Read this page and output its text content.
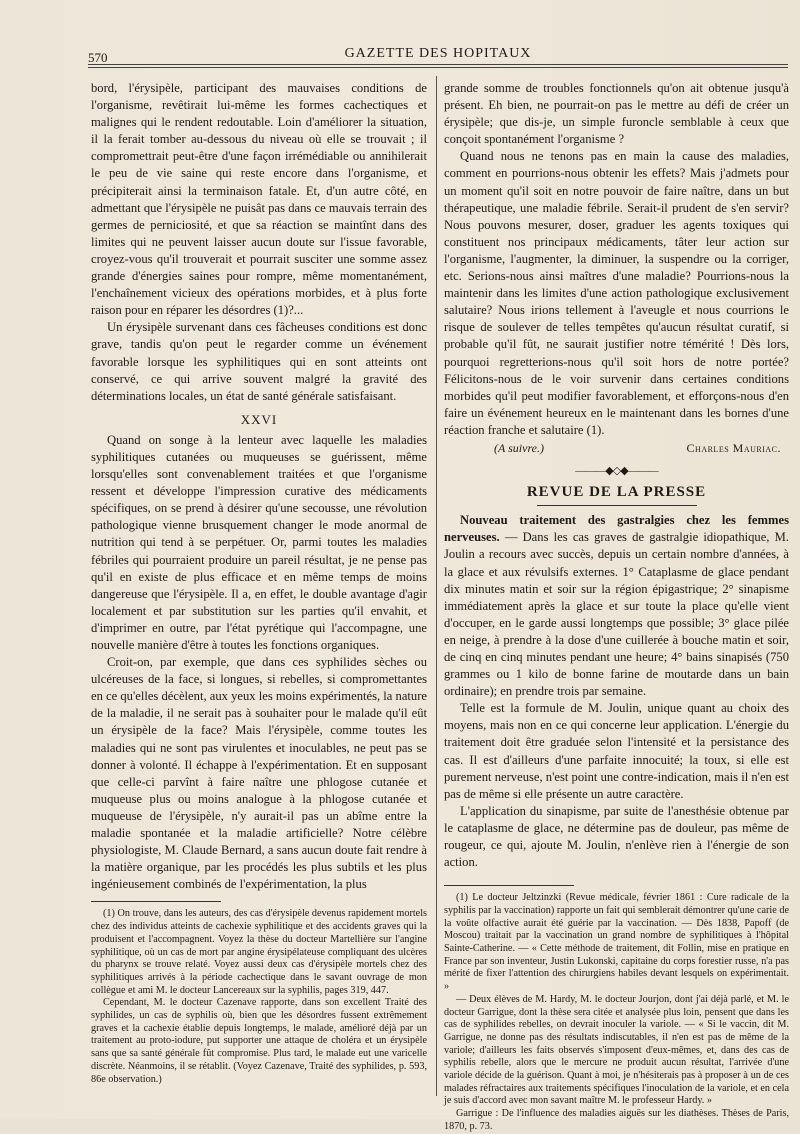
570	GAZETTE DES HOPITAUX

bord, l'érysipèle, participant des mauvaises conditions de l'organisme, revêtirait lui-même les formes cachectiques et malignes qui le rendent redoutable. Loin d'améliorer la situation, il la ferait tomber au-dessous du niveau où elle se trouvait ; il compromettrait peut-être d'une façon irrémédiable ou annihilerait le peu de vie saine qui reste encore dans l'organisme, et précipiterait ainsi la terminaison fatale. Et, d'un autre côté, en admettant que l'érysipèle ne puisât pas dans ce mauvais terrain des germes de perniciosité, et que sa réaction se maintînt dans des limites qui ne peuvent laisser aucun doute sur l'issue favorable, croyez-vous qu'il trouverait et pourrait susciter une somme assez grande d'énergies saines pour rompre, même momentanément, l'enchaînement vicieux des opérations morbides, et à plus forte raison pour en réparer les désordres (1)?...

Un érysipèle survenant dans ces fâcheuses conditions est donc grave, tandis qu'on peut le regarder comme un événement favorable lorsque les syphilitiques qui en sont atteints ont conservé, ce qui arrive souvent malgré la gravité des déterminations locales, un état de santé générale satisfaisant.

XXVI

Quand on songe à la lenteur avec laquelle les maladies syphilitiques cutanées ou muqueuses se guérissent, même lorsqu'elles sont convenablement traitées et que l'organisme ressent et développe l'impression curative des médicaments spécifiques, on se prend à désirer qu'une secousse, une révolution pathologique vienne brusquement changer le mode anormal de nutrition qui tend à se perpétuer. Or, parmi toutes les maladies fébriles qui pourraient produire un pareil résultat, je ne pense pas qu'il en existe de plus efficace et en même temps de moins dangereuse que l'érysipèle. Il a, en effet, le double avantage d'agir localement et par substitution sur les parties qu'il envahit, et d'imprimer en outre, par l'état pyrétique qui l'accompagne, une nouvelle manière d'être à toutes les fonctions organiques.

Croit-on, par exemple, que dans ces syphilides sèches ou ulcéreuses de la face, si longues, si rebelles, si compromettantes en ce qu'elles décèlent, aux yeux les moins expérimentés, la nature de la maladie, il ne serait pas à souhaiter pour le malade qu'il eût un érysipèle de la face? Mais l'érysipèle, comme toutes les maladies qui ne sont pas virulentes et inoculables, ne peut pas se donner à volonté. Il échappe à l'expérimentation. Et en supposant que celle-ci parvînt à faire naître une phlogose cutanée et muqueuse plus ou moins analogue à la phlogose cutanée et muqueuse de l'érysipèle, n'y aurait-il pas un abîme entre la maladie spontanée et la maladie artificielle? Notre célèbre physiologiste, M. Claude Bernard, a sans aucun doute fait rendre à la matière organique, par les procédés les plus subtils et les plus ingénieusement combinés de l'expérimentation, la plus

(1) On trouve, dans les auteurs, des cas d'érysipèle devenus rapidement mortels chez des individus atteints de cachexie syphilitique et des accidents graves qui la produisent et l'accompagnent. Voyez la thèse du docteur Martellière sur l'angine syphilitique, où un cas de mort par angine érysipélateuse compliquant des ulcères du pharynx se trouve relaté. Voyez aussi deux cas d'érysipèle mortels chez des syphilitiques arrivés à la période cachectique dans le savant ouvrage de mon collègue et ami M. le docteur Lancereaux sur la syphilis, pages 319, 447.

Cependant, M. le docteur Cazenave rapporte, dans son excellent Traité des syphilides, un cas de syphilis où, bien que les désordres fussent extrêmement graves et la cachexie établie depuis longtemps, le malade, amélioré déjà par un traitement au proto-iodure, put supporter une attaque de choléra et un érysipèle sans que sa santé générale fût compromise. Plus tard, le malade eut une varicelle discrète. Néanmoins, il se rétablit. (Voyez Cazenave, Traité des syphilides, p. 593, 86e observation.)

grande somme de troubles fonctionnels qu'on ait obtenue jusqu'à présent. Eh bien, ne pourrait-on pas le mettre au défi de créer un érysipèle; que dis-je, un simple furoncle semblable à ceux que conçoit spontanément l'organisme ?

Quand nous ne tenons pas en main la cause des maladies, comment en pourrions-nous obtenir les effets? Mais j'admets pour un moment qu'il soit en notre pouvoir de faire naître, dans un but thérapeutique, une maladie fébrile. Serait-il prudent de s'en servir? Nous pouvons mesurer, doser, graduer les agents toxiques qui constituent nos principaux médicaments, tâter leur action sur l'organisme, l'augmenter, la diminuer, la suspendre ou la corriger, etc. Serions-nous ainsi maîtres d'une maladie? Pourrions-nous la maintenir dans les limites d'une action pathologique exclusivement salutaire? Nous irions tellement à l'aveugle et nous courrions le risque de soulever de telles tempêtes qu'aucun résultat curatif, si probable qu'il fût, ne saurait justifier notre témérité ! Dès lors, pourquoi regretterions-nous qu'il soit hors de notre portée? Félicitons-nous de le voir survenir dans certaines conditions morbides qu'il peut modifier favorablement, et efforçons-nous d'en faire un événement heureux en le maintenant dans les bornes d'une réaction franche et salutaire (1).

(A suivre.)	Charles Mauriac.
———◆◇◆———
REVUE DE LA PRESSE

Nouveau traitement des gastralgies chez les femmes nerveuses. — Dans les cas graves de gastralgie idiopathique, M. Joulin a recours avec succès, depuis un certain nombre d'années, à la glace et aux révulsifs externes. 1° Cataplasme de glace pendant dix minutes matin et soir sur la région épigastrique; 2° sinapisme immédiatement après la glace et sur toute la place qu'elle vient d'occuper, en le garde aussi longtemps que possible; 3° glace pilée en neige, à prendre à la dose d'une cuillerée à bouche matin et soir, de cinq en cinq minutes pendant une heure; 4° bains sinapisés (750 grammes ou 1 kilo de bonne farine de moutarde dans un bain ordinaire); en prendre trois par semaine.

Telle est la formule de M. Joulin, unique quant au choix des moyens, mais non en ce qui concerne leur application. L'énergie du traitement doit être graduée selon l'intensité et la persistance des cas. Il est d'ailleurs d'une parfaite innocuité; la toux, si elle est purement nerveuse, n'est point une contre-indication, mais il n'en est pas de même si elle présente un autre caractère.

L'application du sinapisme, par suite de l'anesthésie obtenue par le cataplasme de glace, ne détermine pas de douleur, pas même de rougeur, ce qui, ajoute M. Joulin, n'enlève rien à l'énergie de son action.

(1) Le docteur Jeltzinzki (Revue médicale, février 1861 : Cure radicale de la syphilis par la vaccination) rapporte un fait qui semblerait démontrer qu'une carie de la voûte olfactive aurait été guérie par la vaccination. — Dès 1838, Papoff (de Moscou) traitait par la vaccination un grand nombre de syphilitiques à l'hôpital Sainte-Catherine. — « Cette méthode de traitement, dit Follin, mise en pratique en France par son inventeur, Justin Lukonski, capitaine du corps forestier russe, n'a pas mérité de fixer l'attention des chirurgiens habiles devant lesquels on expérimentait. »

— Deux élèves de M. Hardy, M. le docteur Jourjon, dont j'ai déjà parlé, et M. le docteur Garrigue, dont la thèse sera citée et analysée plus loin, pensent que dans les cas de syphilides rebelles, on devrait inoculer la variole. — « Si le vaccin, dit M. Garrigue, ne donne pas des résultats indiscutables, il n'en est pas de même de la variole; d'ailleurs les faits observés s'imposent d'eux-mêmes, et, dans des cas de syphilis rebelle, alors que le mercure ne produit aucun résultat, l'arrivée d'une variole décide de la guérison. Quant à moi, je n'hésiterais pas à proposer à un de ces malades réfractaires aux traitements spécifiques l'inoculation de la variole, et en cela je suis d'accord avec mon savant maître M. le professeur Hardy. »

Garrigue : De l'influence des maladies aiguës sur les diathèses. Thèses de Paris, 1870, p. 73.
